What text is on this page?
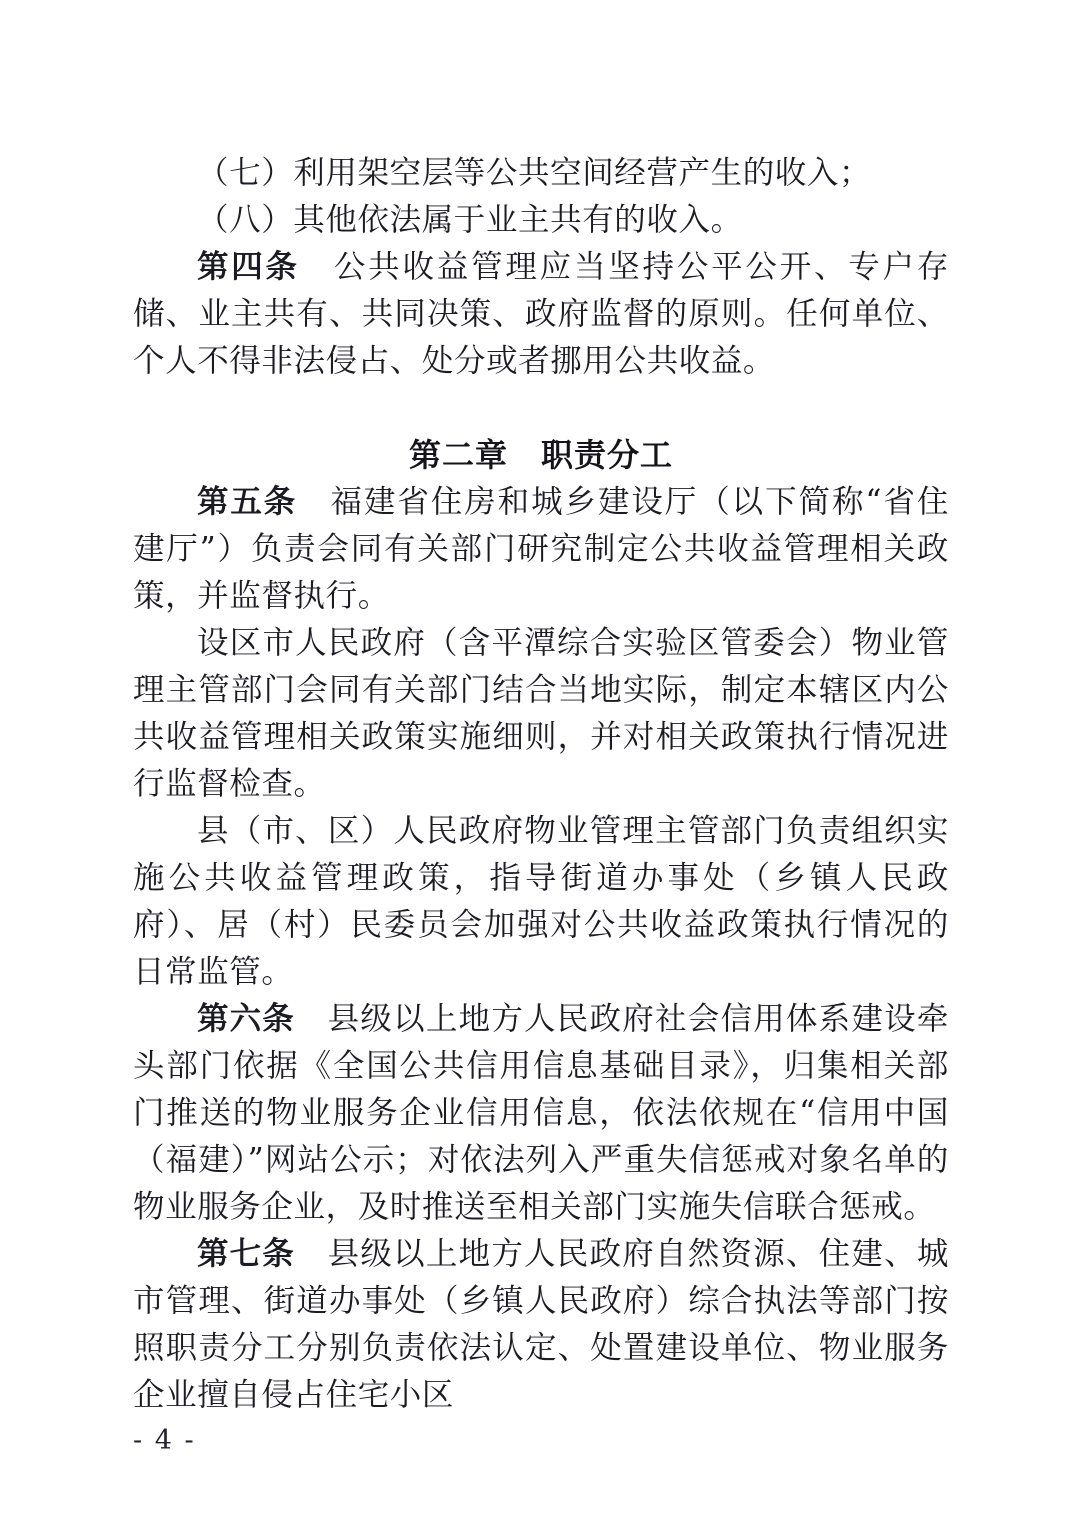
（七）利用架空层等公共空间经营产生的收入；

（八）其他依法属于业主共有的收入。

第四条　公共收益管理应当坚持公平公开、专户存储、业主共有、共同决策、政府监督的原则。任何单位、个人不得非法侵占、处分或者挪用公共收益。

第二章　职责分工

第五条　福建省住房和城乡建设厅（以下简称“省住建厅”）负责会同有关部门研究制定公共收益管理相关政策，并监督执行。

设区市人民政府（含平潭综合实验区管委会）物业管理主管部门会同有关部门结合当地实际，制定本辖区内公共收益管理相关政策实施细则，并对相关政策执行情况进行监督检查。

县（市、区）人民政府物业管理主管部门负责组织实施公共收益管理政策，指导街道办事处（乡镇人民政府）、居（村）民委员会加强对公共收益政策执行情况的日常监管。

第六条　县级以上地方人民政府社会信用体系建设牵头部门依据《全国公共信用信息基础目录》，归集相关部门推送的物业服务企业信用信息，依法依规在“信用中国（福建）”网站公示；对依法列入严重失信惩戒对象名单的物业服务企业，及时推送至相关部门实施失信联合惩戒。

第七条　县级以上地方人民政府自然资源、住建、城市管理、街道办事处（乡镇人民政府）综合执法等部门按照职责分工分别负责依法认定、处置建设单位、物业服务企业擅自侵占住宅小区

- 4 -
